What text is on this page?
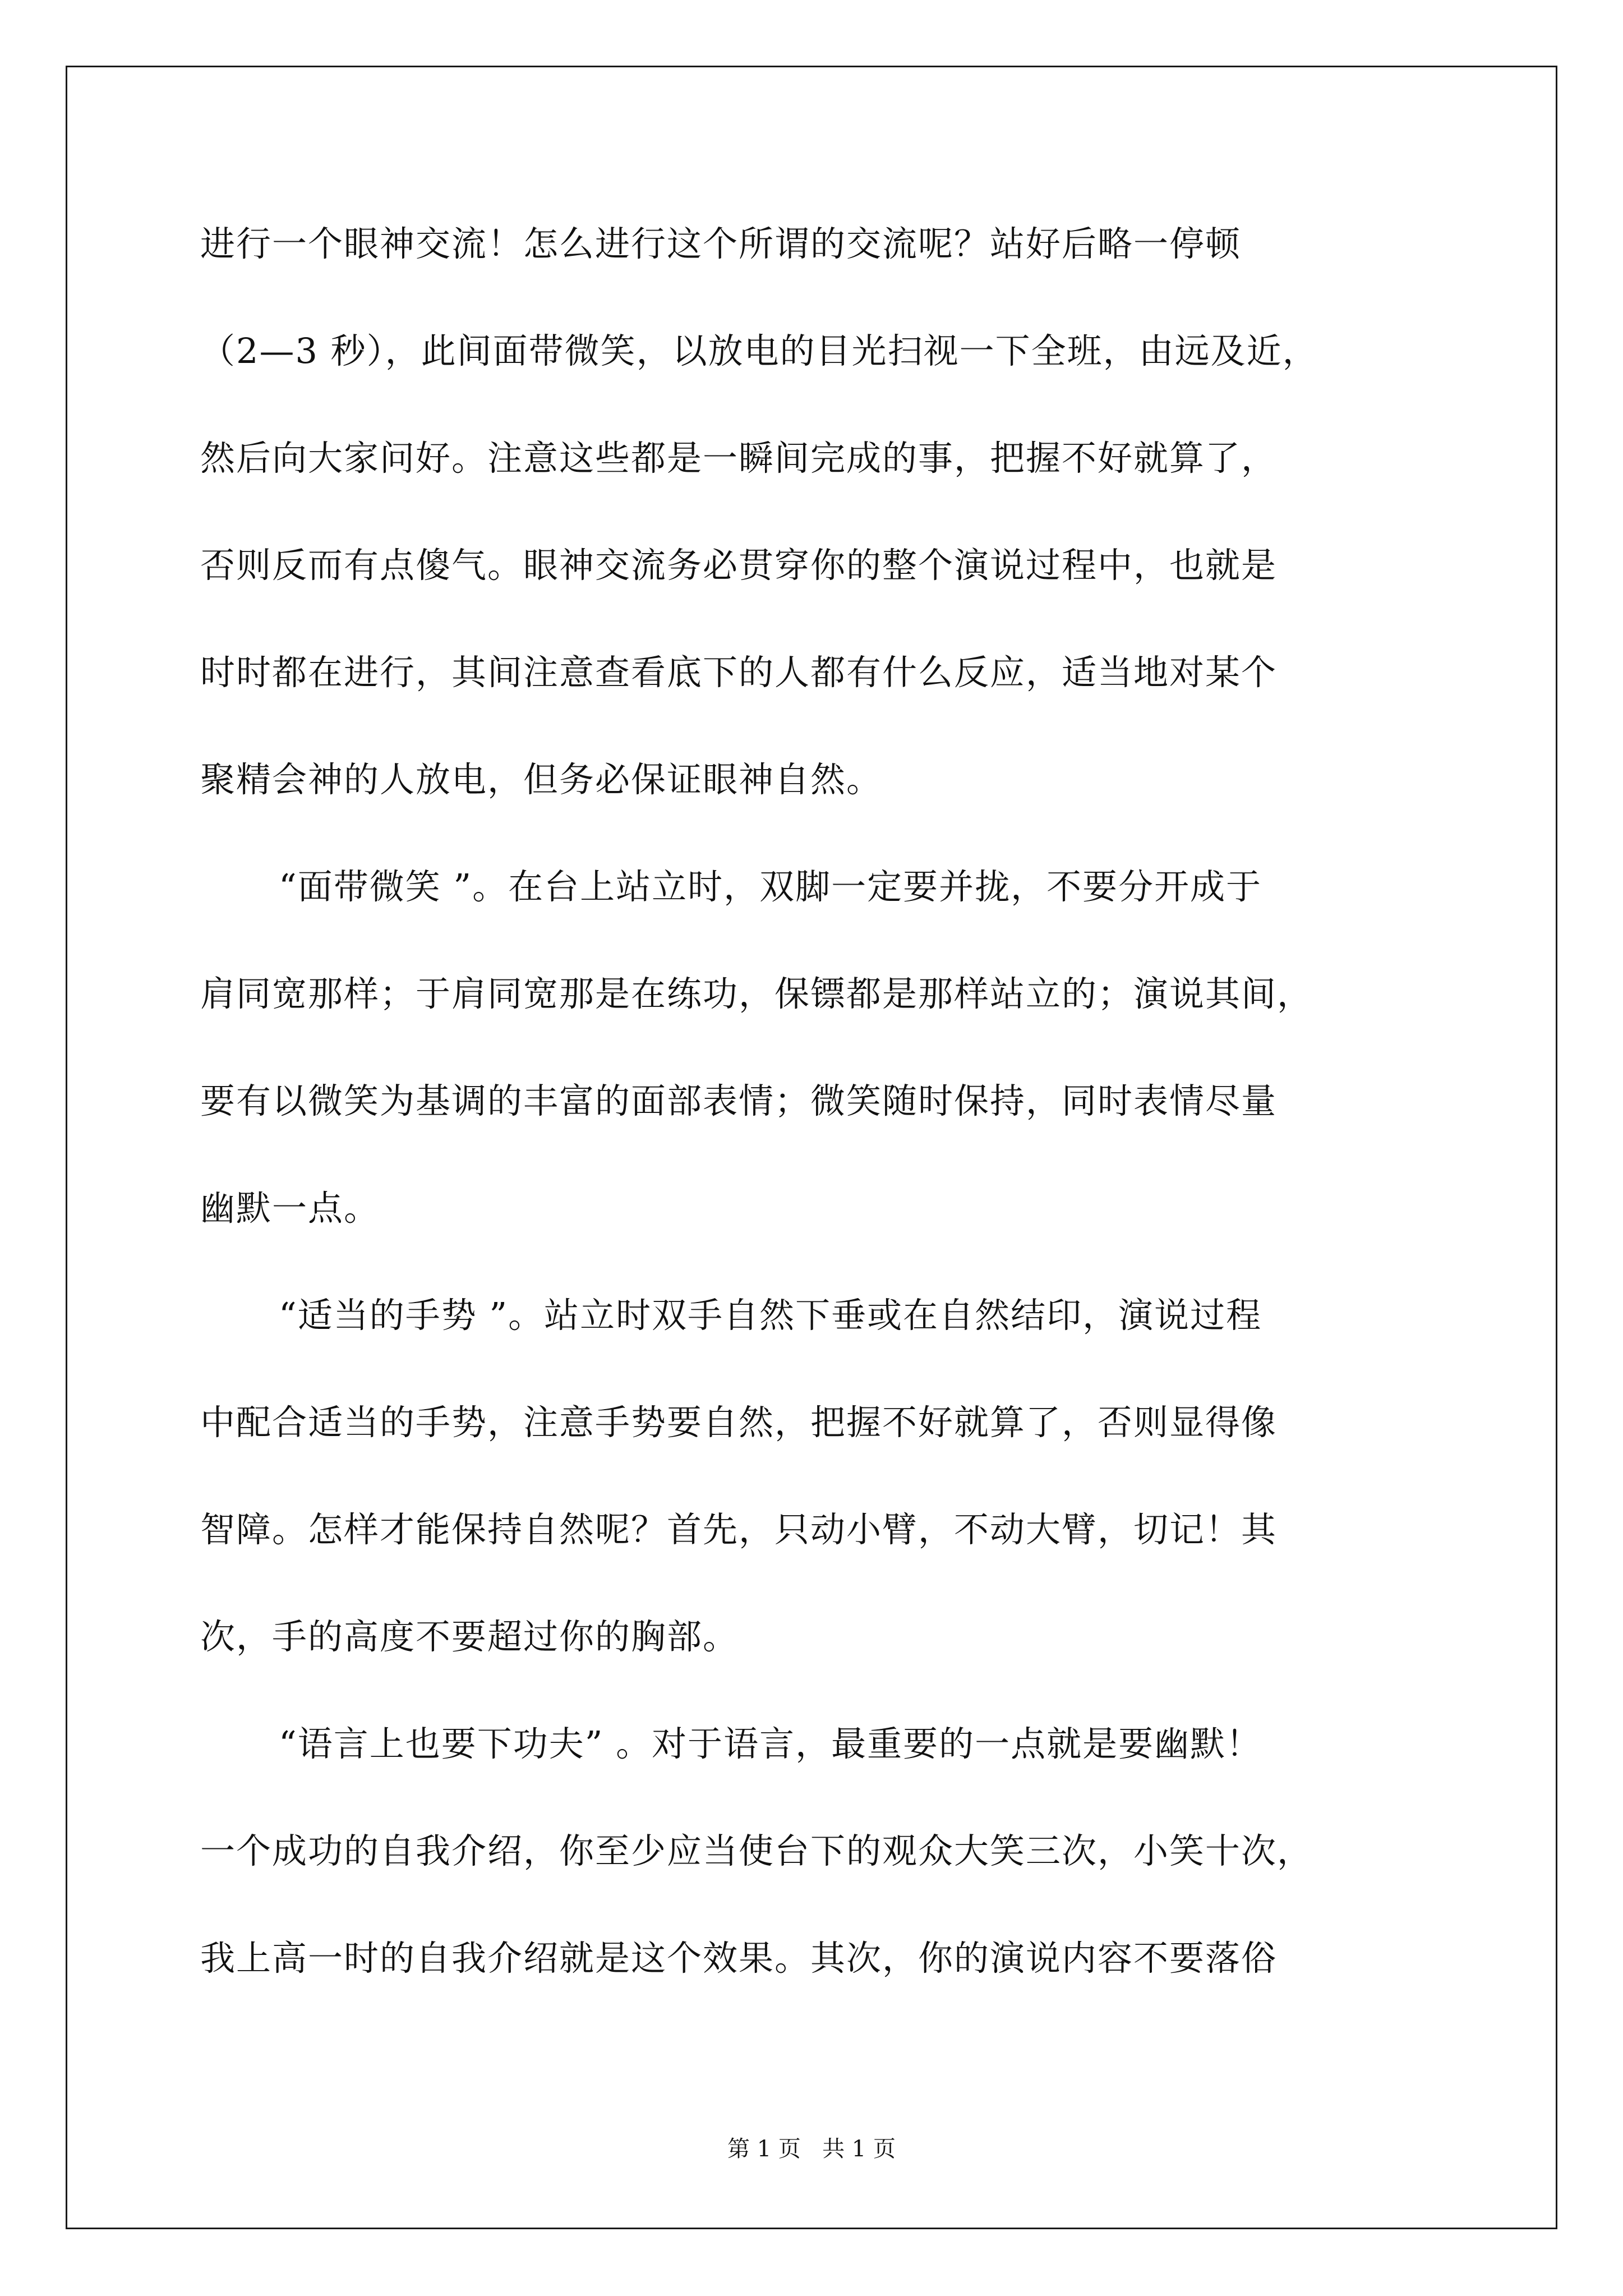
进行一个眼神交流！怎么进行这个所谓的交流呢？站好后略一停顿
（2—3 秒），此间面带微笑，以放电的目光扫视一下全班，由远及近，
然后向大家问好。注意这些都是一瞬间完成的事，把握不好就算了，
否则反而有点傻气。眼神交流务必贯穿你的整个演说过程中，也就是
时时都在进行，其间注意查看底下的人都有什么反应，适当地对某个
聚精会神的人放电，但务必保证眼神自然。
“面带微笑 ”。在台上站立时，双脚一定要并拢，不要分开成于
肩同宽那样；于肩同宽那是在练功，保镖都是那样站立的；演说其间，
要有以微笑为基调的丰富的面部表情；微笑随时保持，同时表情尽量
幽默一点。
“适当的手势 ”。站立时双手自然下垂或在自然结印，演说过程
中配合适当的手势，注意手势要自然，把握不好就算了，否则显得像
智障。怎样才能保持自然呢？首先，只动小臂，不动大臂，切记！其
次，手的高度不要超过你的胸部。
“语言上也要下功夫” 。对于语言，最重要的一点就是要幽默！
一个成功的自我介绍，你至少应当使台下的观众大笑三次，小笑十次，
我上高一时的自我介绍就是这个效果。其次，你的演说内容不要落俗
第 1 页   共 1 页
